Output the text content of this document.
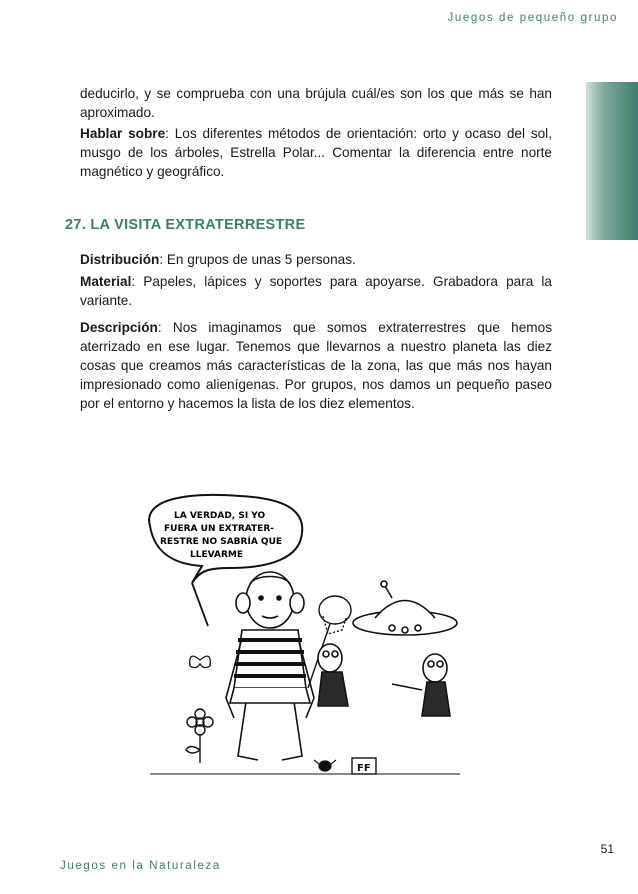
Juegos de pequeño grupo

deducirlo, y se comprueba con una brújula cuál/es son los que más se han aproximado.

Hablar sobre: Los diferentes métodos de orientación: orto y ocaso del sol, musgo de los árboles, Estrella Polar... Comentar la diferencia entre norte magnético y geográfico.

27. LA VISITA EXTRATERRESTRE

Distribución: En grupos de unas 5 personas.

Material: Papeles, lápices y soportes para apoyarse. Grabadora para la variante.

Descripción: Nos imaginamos que somos extraterrestres que hemos aterrizado en ese lugar. Tenemos que llevarnos a nuestro planeta las diez cosas que creamos más características de la zona, las que más nos hayan impresionado como alienígenas. Por grupos, nos damos un pequeño paseo por el entorno y hacemos la lista de los diez elementos.

LA VERDAD, SI YO
FUERA UN EXTRATER-
RESTRE NO SABRÍA QUE
LLEVARME
FF
51
Juegos en la Naturaleza
